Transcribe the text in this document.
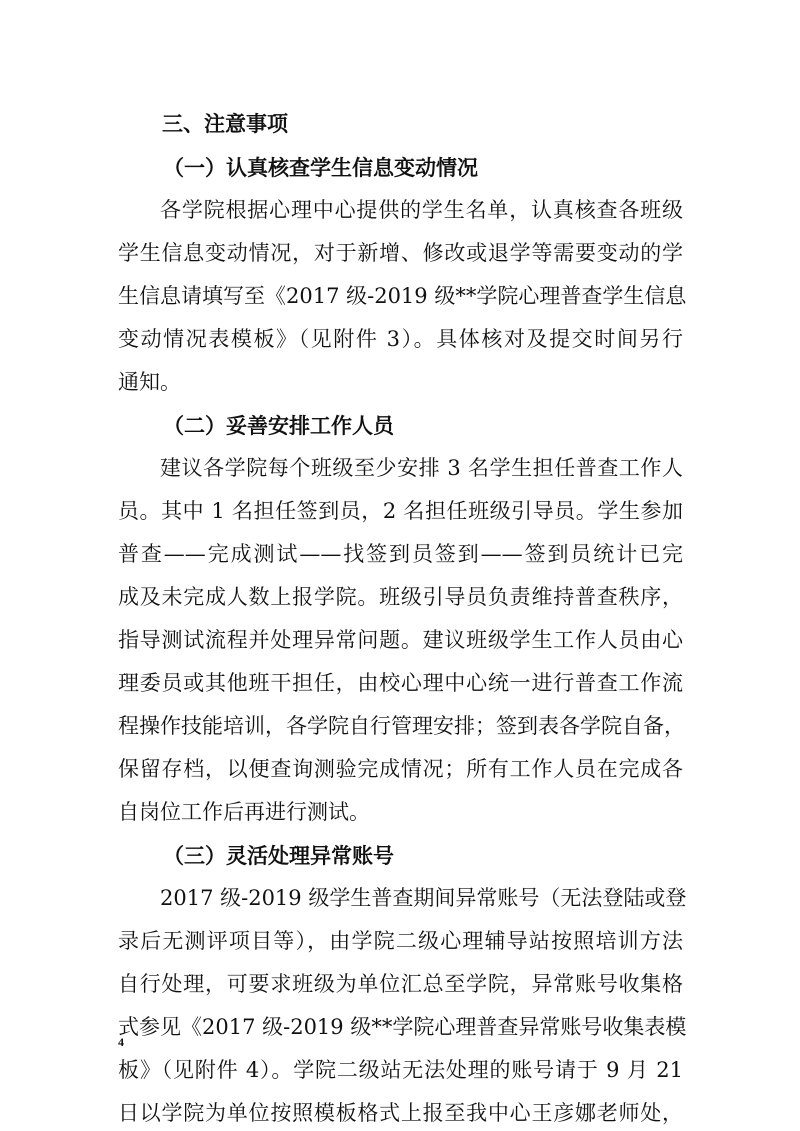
三、注意事项
（一）认真核查学生信息变动情况
各学院根据心理中心提供的学生名单，认真核查各班级
学生信息变动情况，对于新增、修改或退学等需要变动的学
生信息请填写至《2017 级-2019 级**学院心理普查学生信息
变动情况表模板》（见附件 3）。具体核对及提交时间另行
通知。
（二）妥善安排工作人员
建议各学院每个班级至少安排 3 名学生担任普查工作人
员。其中 1 名担任签到员，2 名担任班级引导员。学生参加
普查——完成测试——找签到员签到——签到员统计已完
成及未完成人数上报学院。班级引导员负责维持普查秩序，
指导测试流程并处理异常问题。建议班级学生工作人员由心
理委员或其他班干担任，由校心理中心统一进行普查工作流
程操作技能培训，各学院自行管理安排；签到表各学院自备，
保留存档，以便查询测验完成情况；所有工作人员在完成各
自岗位工作后再进行测试。
（三）灵活处理异常账号
2017 级-2019 级学生普查期间异常账号（无法登陆或登
录后无测评项目等），由学院二级心理辅导站按照培训方法
自行处理，可要求班级为单位汇总至学院，异常账号收集格
式参见《2017 级-2019 级**学院心理普查异常账号收集表模
板》（见附件 4）。学院二级站无法处理的账号请于 9 月 21
日以学院为单位按照模板格式上报至我中心王彦娜老师处，
4
